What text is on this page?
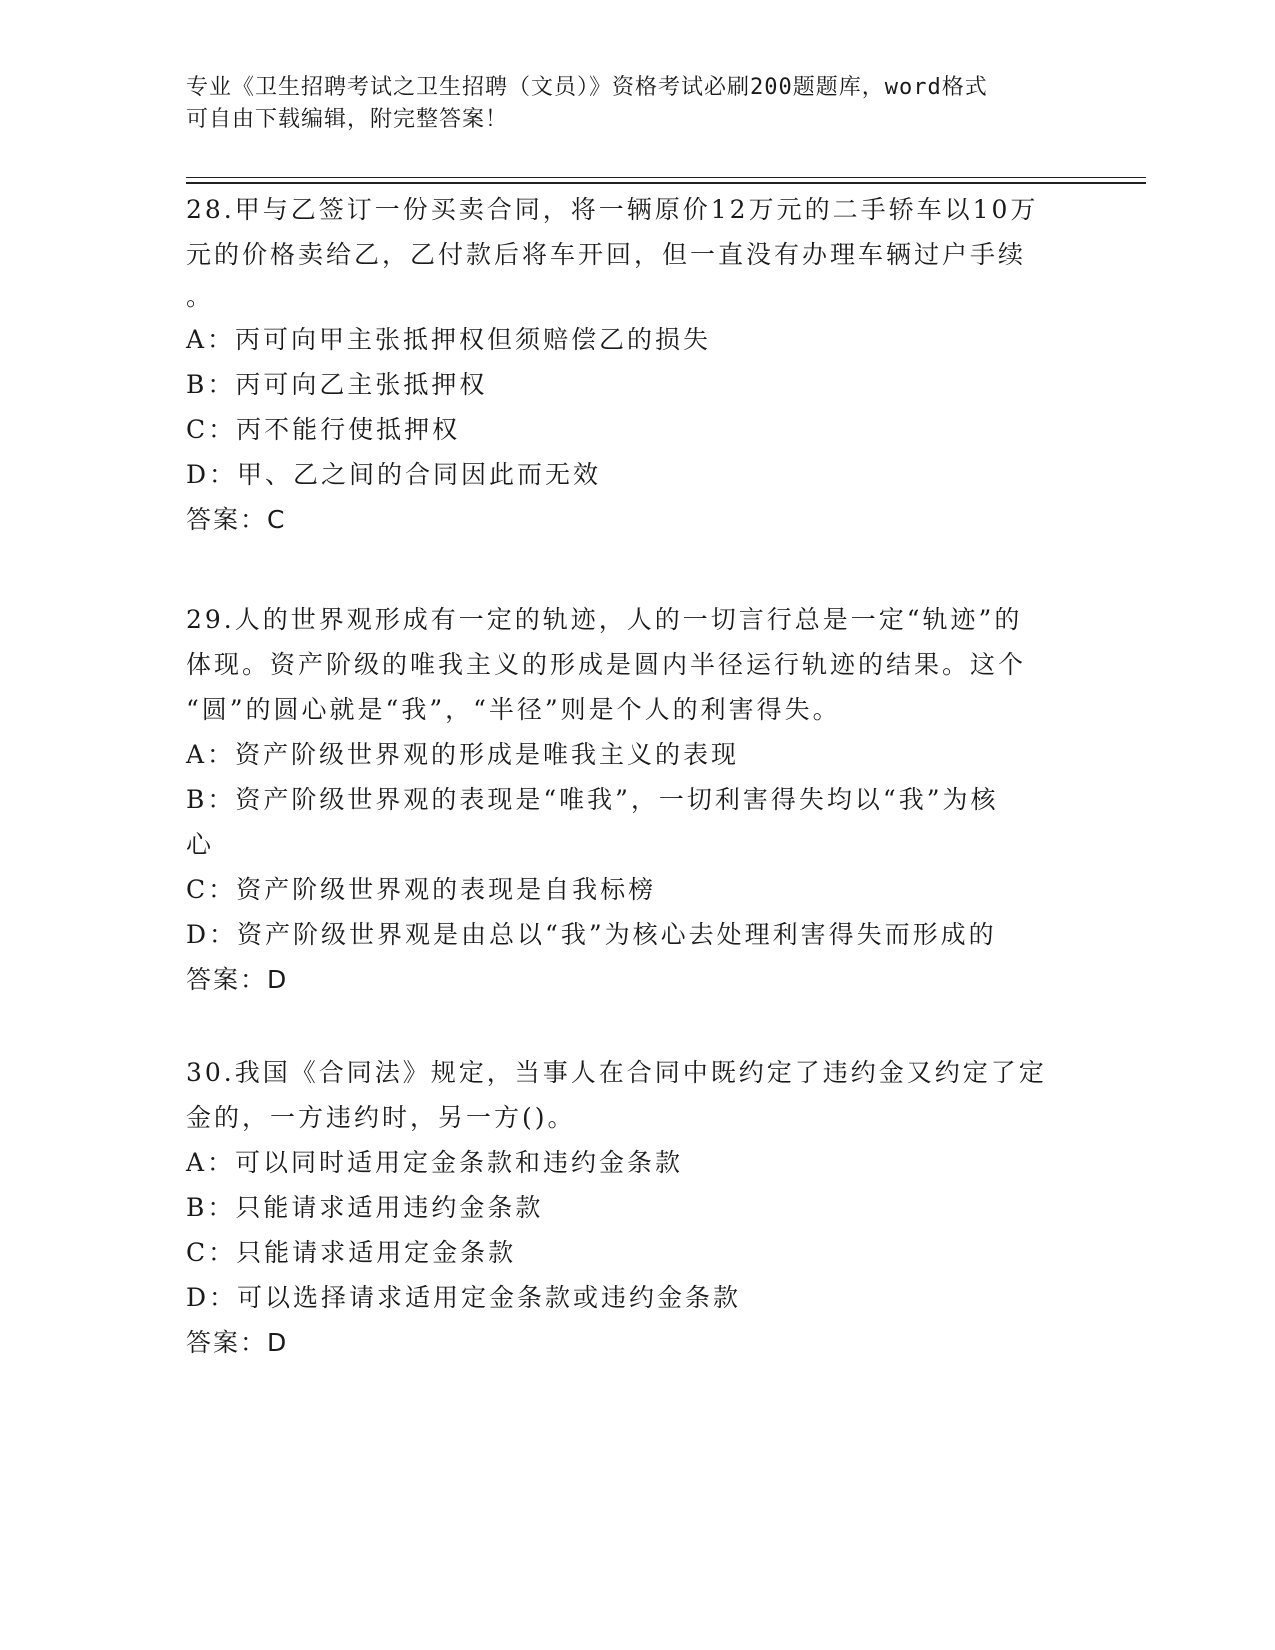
专业《卫生招聘考试之卫生招聘（文员）》资格考试必刷200题题库，word格式

可自由下载编辑，附完整答案！

28.甲与乙签订一份买卖合同，将一辆原价12万元的二手轿车以10万

元的价格卖给乙，乙付款后将车开回，但一直没有办理车辆过户手续

。

A：丙可向甲主张抵押权但须赔偿乙的损失

B：丙可向乙主张抵押权

C：丙不能行使抵押权

D：甲、乙之间的合同因此而无效

答案：C

29.人的世界观形成有一定的轨迹，人的一切言行总是一定“轨迹”的

体现。资产阶级的唯我主义的形成是圆内半径运行轨迹的结果。这个

“圆”的圆心就是“我”，“半径”则是个人的利害得失。

A：资产阶级世界观的形成是唯我主义的表现

B：资产阶级世界观的表现是“唯我”，一切利害得失均以“我”为核

心

C：资产阶级世界观的表现是自我标榜

D：资产阶级世界观是由总以“我”为核心去处理利害得失而形成的

答案：D

30.我国《合同法》规定，当事人在合同中既约定了违约金又约定了定

金的，一方违约时，另一方()。

A：可以同时适用定金条款和违约金条款

B：只能请求适用违约金条款

C：只能请求适用定金条款

D：可以选择请求适用定金条款或违约金条款

答案：D
